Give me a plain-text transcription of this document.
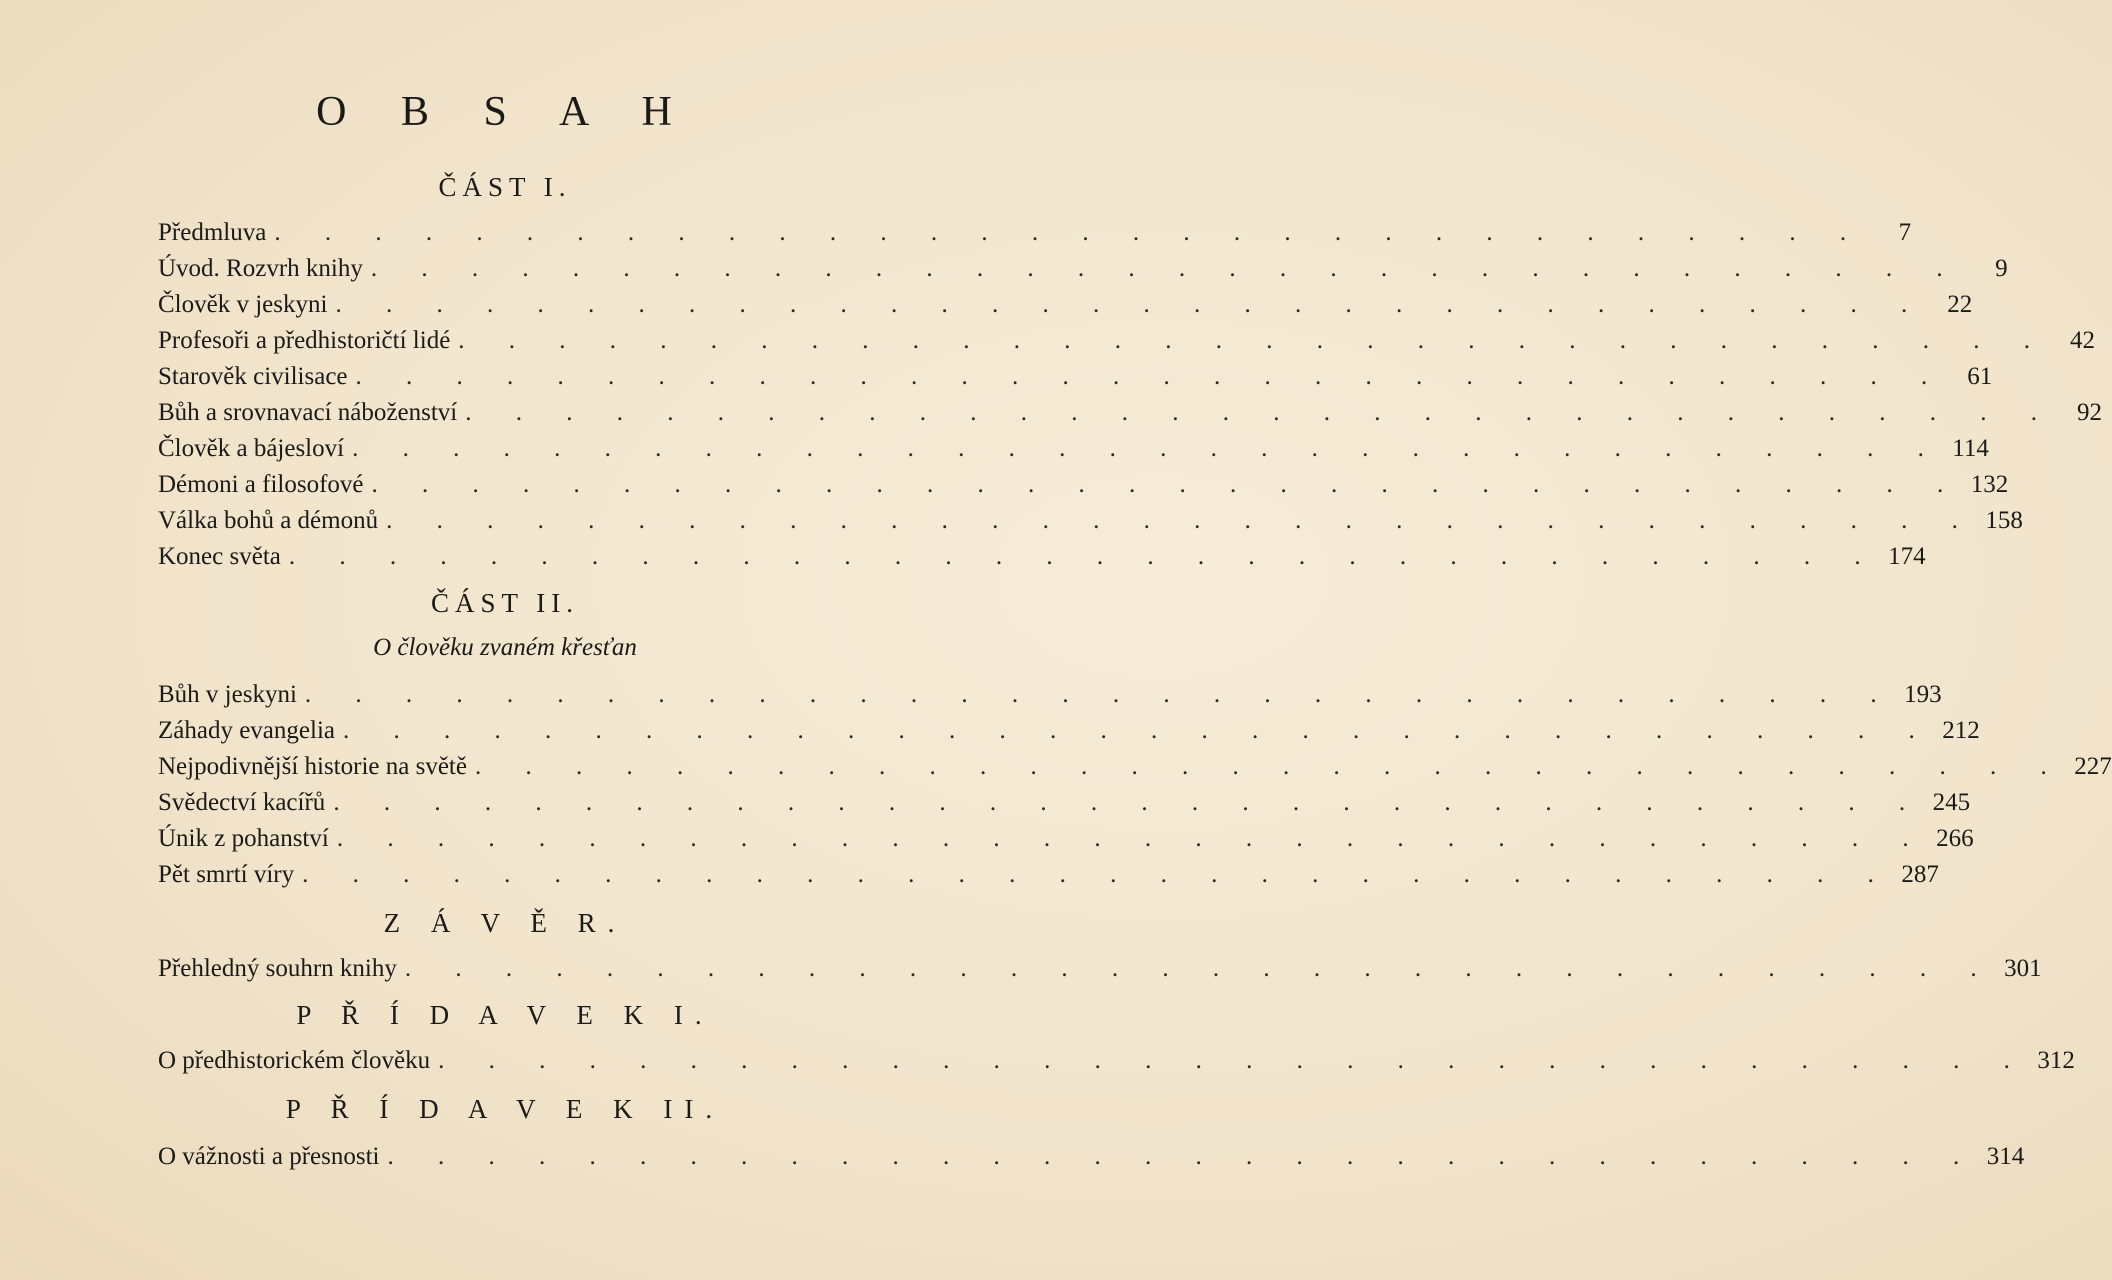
O B S A H
ČÁST I.
Předmluva . . . . . . . . . . . . . . . . . . . . . . . . . . . . . . . .	7
Úvod. Rozvrh knihy . . . . . . . . . . . . . . . . . . . . . . . . . . . . . . . .	9
Člověk v jeskyni . . . . . . . . . . . . . . . . . . . . . . . . . . . . . . . . 22
Profesoři a předhistoričtí lidé . . . . . . . . . . . . . . . . . . . . . . . . . . . . . . . . 42
Starověk civilisace . . . . . . . . . . . . . . . . . . . . . . . . . . . . . . . . 61
Bůh a srovnavací náboženství . . . . . . . . . . . . . . . . . . . . . . . . . . . . . . . . 92
Člověk a bájesloví . . . . . . . . . . . . . . . . . . . . . . . . . . . . . . . . 114
Démoni a filosofové . . . . . . . . . . . . . . . . . . . . . . . . . . . . . . . . 132
Válka bohů a démonů . . . . . . . . . . . . . . . . . . . . . . . . . . . . . . . . 158
Konec světa . . . . . . . . . . . . . . . . . . . . . . . . . . . . . . . . 174
ČÁST II.

O člověku zvaném křesťan

Bůh v jeskyni . . . . . . . . . . . . . . . . . . . . . . . . . . . . . . . . 193
Záhady evangelia . . . . . . . . . . . . . . . . . . . . . . . . . . . . . . . . 212
Nejpodivnější historie na světě . . . . . . . . . . . . . . . . . . . . . . . . . . . . . . . . 227
Svědectví kacířů . . . . . . . . . . . . . . . . . . . . . . . . . . . . . . . . 245
Únik z pohanství . . . . . . . . . . . . . . . . . . . . . . . . . . . . . . . . 266
Pět smrtí víry . . . . . . . . . . . . . . . . . . . . . . . . . . . . . . . . 287
Z Á V Ě R.
Přehledný souhrn knihy . . . . . . . . . . . . . . . . . . . . . . . . . . . . . . . . 301
P Ř Í D A V E K I.
O předhistorickém člověku . . . . . . . . . . . . . . . . . . . . . . . . . . . . . . . . 312
P Ř Í D A V E K II.
O vážnosti a přesnosti . . . . . . . . . . . . . . . . . . . . . . . . . . . . . . . . 314
